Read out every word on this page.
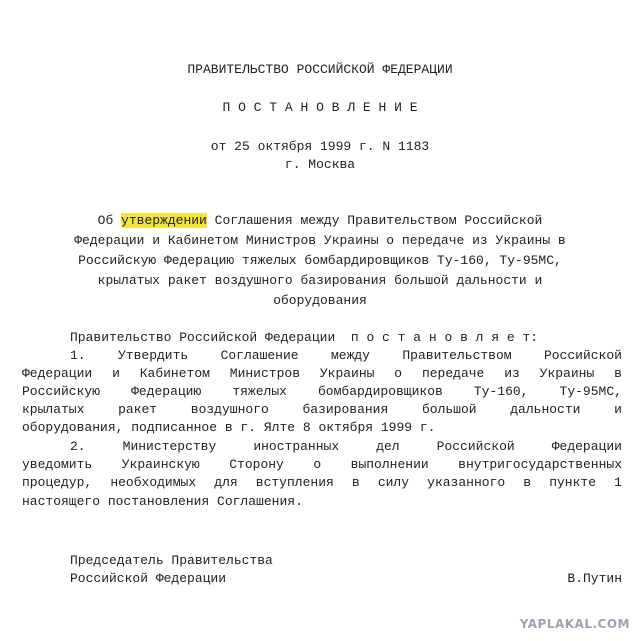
ПРАВИТЕЛЬСТВО РОССИЙСКОЙ ФЕДЕРАЦИИ
П О С Т А Н О В Л Е Н И Е
от 25 октября 1999 г. N 1183
г. Москва
Об утверждении Соглашения между Правительством Российской
Федерации и Кабинетом Министров Украины о передаче из Украины в
Российскую Федерацию тяжелых бомбардировщиков Ту-160, Ту-95МС,
крылатых ракет воздушного базирования большой дальности и
оборудования
Правительство Российской Федерации  п о с т а н о в л я е т:
1. Утвердить Соглашение между Правительством Российской
Федерации и Кабинетом Министров Украины о передаче из Украины в
Российскую Федерацию тяжелых бомбардировщиков Ту-160, Ту-95МС,
крылатых	ракет	воздушного	базирования	большой	дальности	и
оборудования, подписанное в г. Ялте 8 октября 1999 г.
2.	Министерству	иностранных	дел	Российской	Федерации
уведомить Украинскую Сторону о выполнении внутригосударственных
процедур, необходимых для вступления в силу указанного в пункте 1
настоящего постановления Соглашения.
Председатель Правительства
Российской Федерации	В.Путин
YAPLAKAL.COM
